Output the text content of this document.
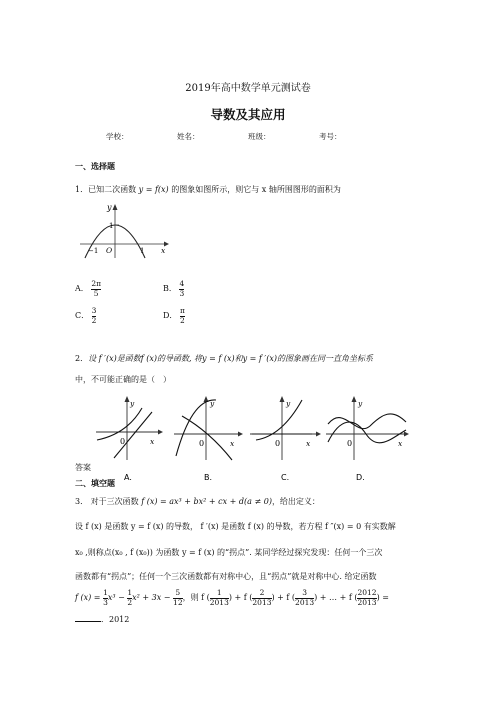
2019年高中数学单元测试卷
导数及其应用
学校：	姓名：	班级：	考号：
一、选择题
1．已知二次函数 y = f(x) 的图象如图所示，则它与 x 轴所围图形的面积为
y
1
−1 O	1 x
A． $\frac{2\pi}{5}$	B． $\frac{4}{3}$
C． $\frac{3}{2}$	D． $\frac{\pi}{2}$
2．设 f ′(x)是函数f (x)的导函数, 将y = f (x)和y = f ′(x)的图象画在同一直角坐标系
中，不可能正确的是（　）
y
0	x
A.
y
0	x
B.
y
0	x
C.
y
0	x
D.
答案
二、填空题
3． 对于三次函数 f (x) = ax³ + bx² + cx + d(a ≠ 0)，给出定义：
设 f (x) 是函数 y = f (x) 的导数， f ′(x) 是函数 f (x) 的导数，若方程 f ″(x) = 0 有实数解
x₀ ,则称点(x₀ , f (x₀)) 为函数 y = f (x) 的“拐点”. 某同学经过探究发现：任何一个三次
函数都有“拐点”；任何一个三次函数都有对称中心，且“拐点”就是对称中心. 给定函数
f $(x) = \frac{1}{3} x^3 - \frac{1}{2} x^2 + 3x - \frac{5}{12}$ ，则 f ( $\frac{1}{2013}$ ) + f ( $\frac{2}{2013}$ ) + f ( $\frac{3}{2013}$ ) + … + f ( $\frac{2012}{2013}$ ) =
．2012
